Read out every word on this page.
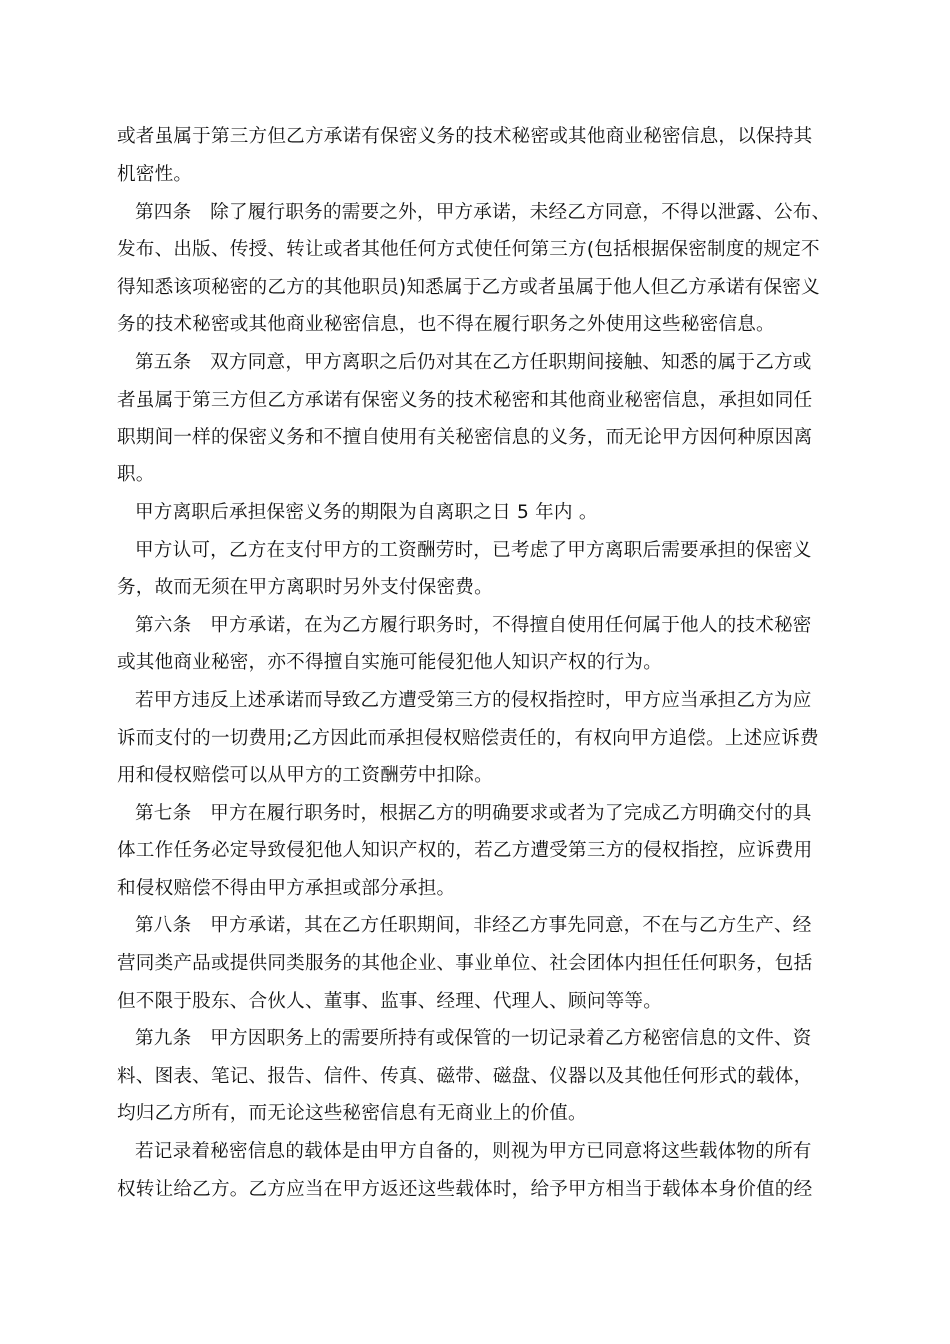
或者虽属于第三方但乙方承诺有保密义务的技术秘密或其他商业秘密信息，以保持其

机密性。

第四条　除了履行职务的需要之外，甲方承诺，未经乙方同意，不得以泄露、公布、

发布、出版、传授、转让或者其他任何方式使任何第三方(包括根据保密制度的规定不

得知悉该项秘密的乙方的其他职员)知悉属于乙方或者虽属于他人但乙方承诺有保密义

务的技术秘密或其他商业秘密信息，也不得在履行职务之外使用这些秘密信息。

第五条　双方同意，甲方离职之后仍对其在乙方任职期间接触、知悉的属于乙方或

者虽属于第三方但乙方承诺有保密义务的技术秘密和其他商业秘密信息，承担如同任

职期间一样的保密义务和不擅自使用有关秘密信息的义务，而无论甲方因何种原因离

职。

甲方离职后承担保密义务的期限为自离职之日 5 年内 。

甲方认可，乙方在支付甲方的工资酬劳时，已考虑了甲方离职后需要承担的保密义

务，故而无须在甲方离职时另外支付保密费。

第六条　甲方承诺，在为乙方履行职务时，不得擅自使用任何属于他人的技术秘密

或其他商业秘密，亦不得擅自实施可能侵犯他人知识产权的行为。

若甲方违反上述承诺而导致乙方遭受第三方的侵权指控时，甲方应当承担乙方为应

诉而支付的一切费用;乙方因此而承担侵权赔偿责任的，有权向甲方追偿。上述应诉费

用和侵权赔偿可以从甲方的工资酬劳中扣除。

第七条　甲方在履行职务时，根据乙方的明确要求或者为了完成乙方明确交付的具

体工作任务必定导致侵犯他人知识产权的，若乙方遭受第三方的侵权指控，应诉费用

和侵权赔偿不得由甲方承担或部分承担。

第八条　甲方承诺，其在乙方任职期间，非经乙方事先同意，不在与乙方生产、经

营同类产品或提供同类服务的其他企业、事业单位、社会团体内担任任何职务，包括

但不限于股东、合伙人、董事、监事、经理、代理人、顾问等等。

第九条　甲方因职务上的需要所持有或保管的一切记录着乙方秘密信息的文件、资

料、图表、笔记、报告、信件、传真、磁带、磁盘、仪器以及其他任何形式的载体，

均归乙方所有，而无论这些秘密信息有无商业上的价值。

若记录着秘密信息的载体是由甲方自备的，则视为甲方已同意将这些载体物的所有

权转让给乙方。乙方应当在甲方返还这些载体时，给予甲方相当于载体本身价值的经
